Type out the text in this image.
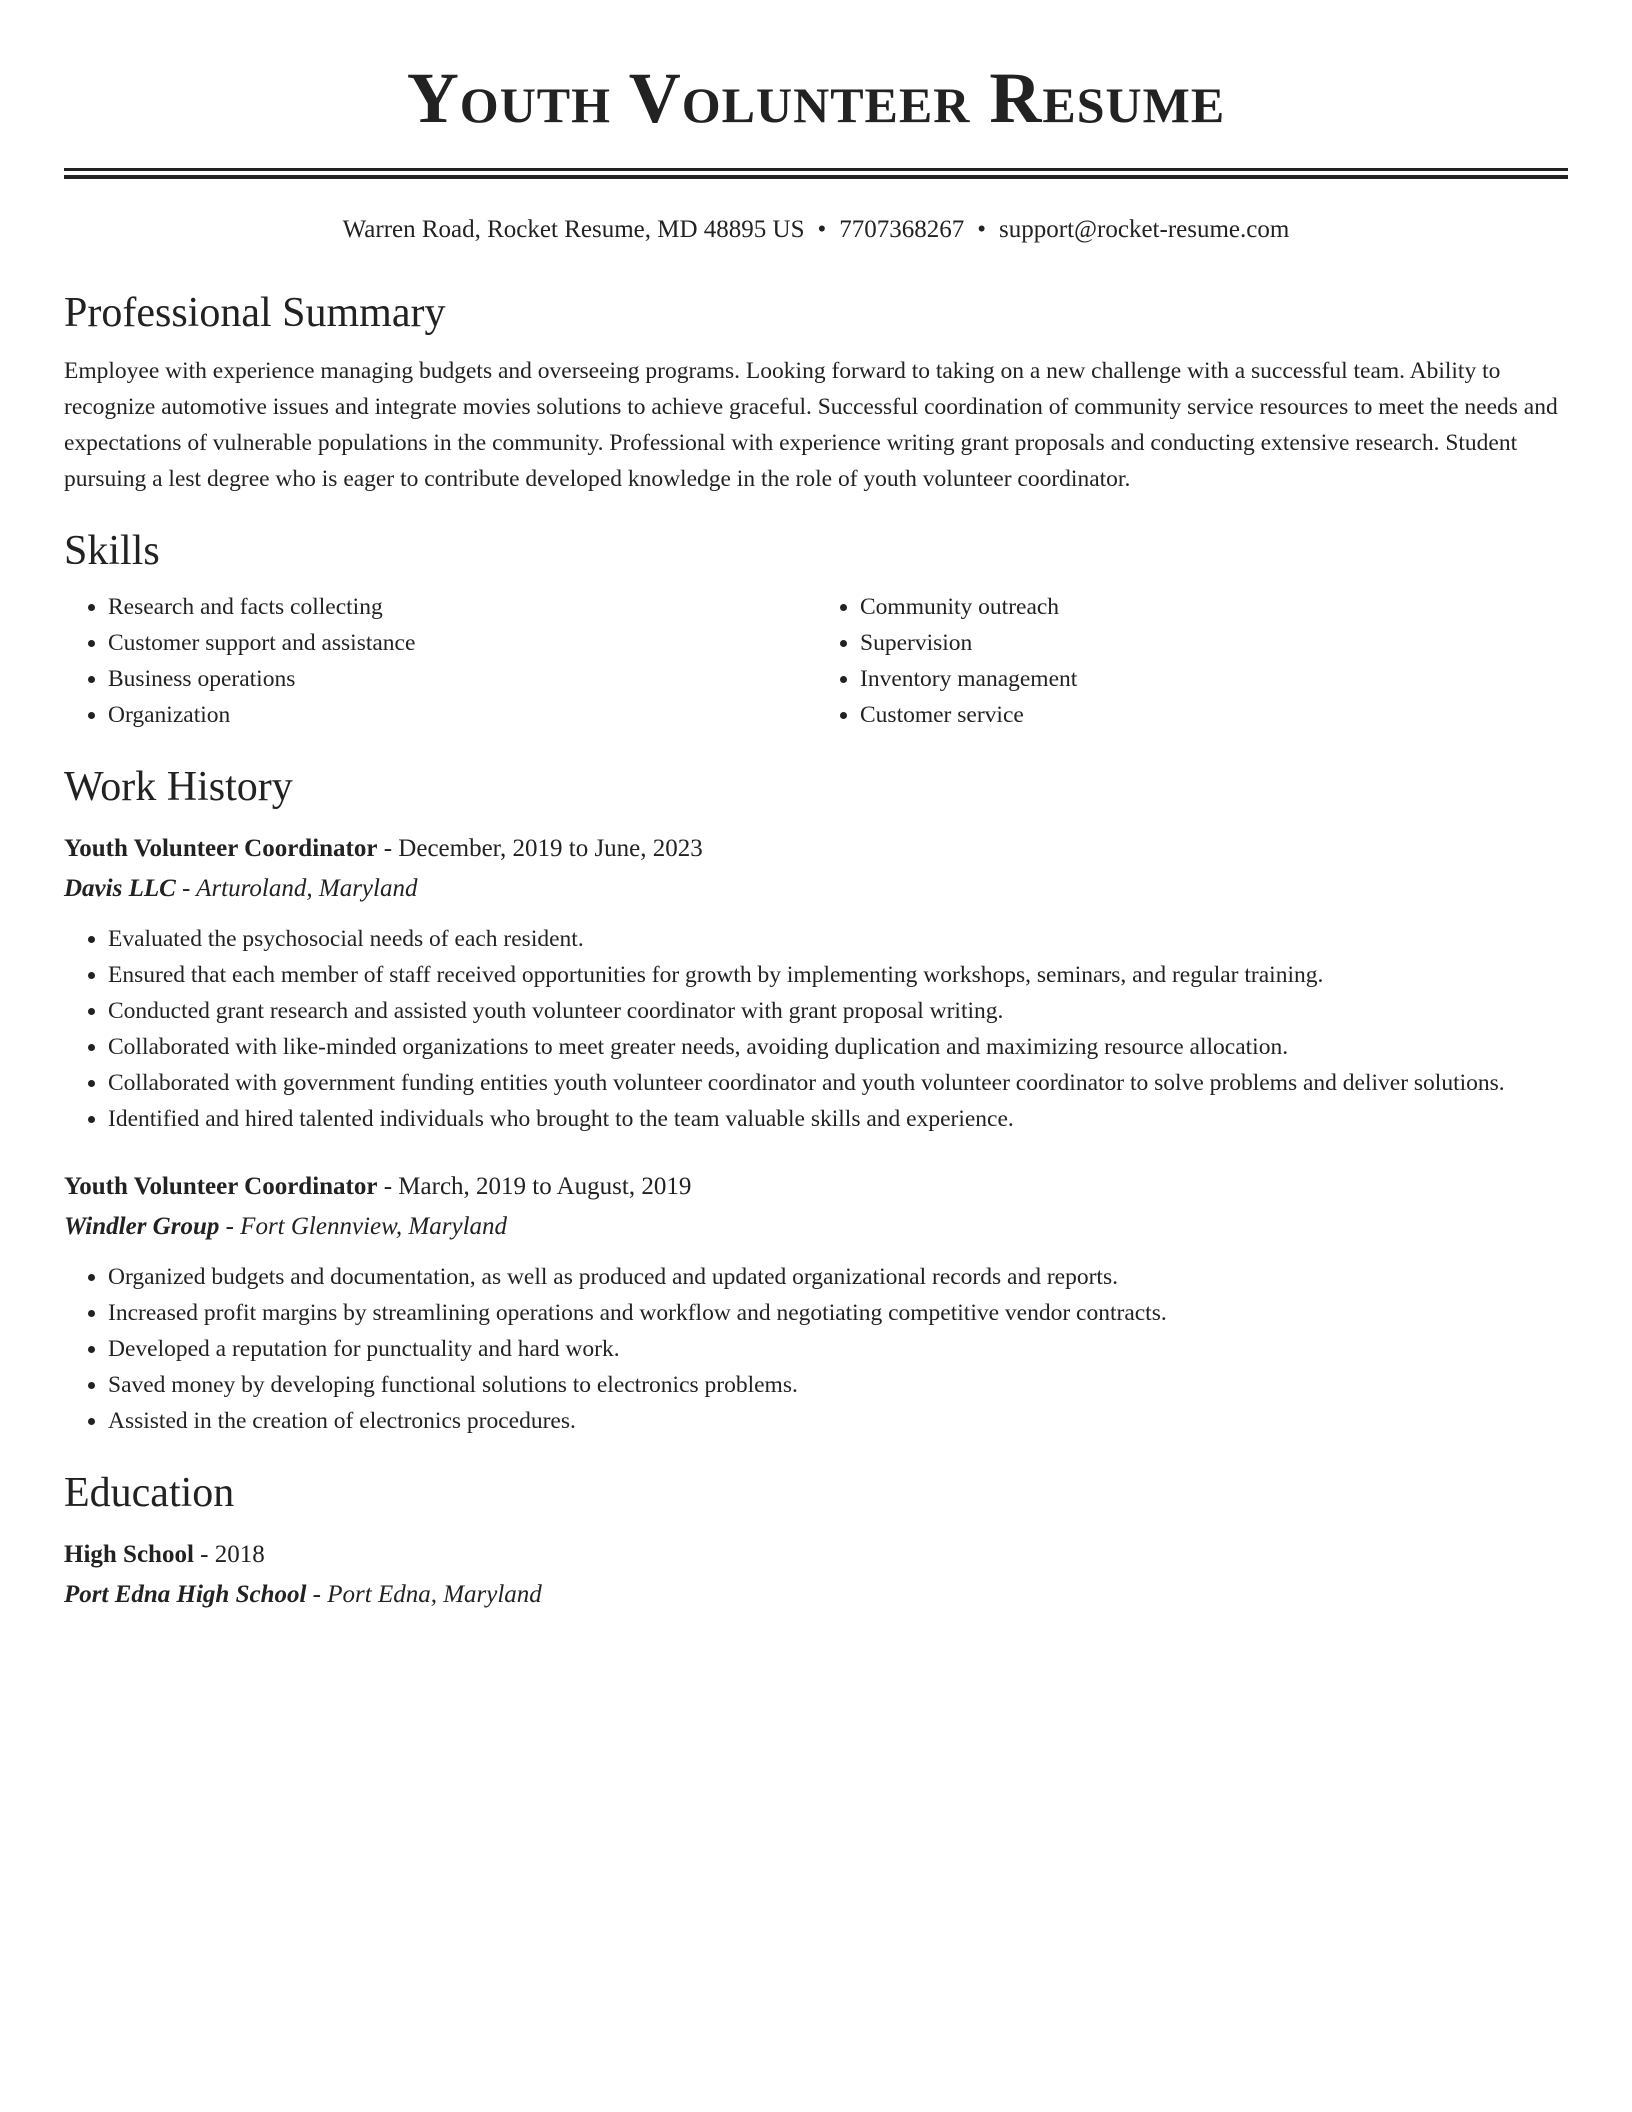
Youth Volunteer Resume
Warren Road, Rocket Resume, MD 48895 US • 7707368267 • support@rocket-resume.com
Professional Summary
Employee with experience managing budgets and overseeing programs. Looking forward to taking on a new challenge with a successful team. Ability to recognize automotive issues and integrate movies solutions to achieve graceful. Successful coordination of community service resources to meet the needs and expectations of vulnerable populations in the community. Professional with experience writing grant proposals and conducting extensive research. Student pursuing a lest degree who is eager to contribute developed knowledge in the role of youth volunteer coordinator.
Skills
• Research and facts collecting
• Customer support and assistance
• Business operations
• Organization
• Community outreach
• Supervision
• Inventory management
• Customer service
Work History
Youth Volunteer Coordinator - December, 2019 to June, 2023
Davis LLC - Arturoland, Maryland
• Evaluated the psychosocial needs of each resident.
• Ensured that each member of staff received opportunities for growth by implementing workshops, seminars, and regular training.
• Conducted grant research and assisted youth volunteer coordinator with grant proposal writing.
• Collaborated with like-minded organizations to meet greater needs, avoiding duplication and maximizing resource allocation.
• Collaborated with government funding entities youth volunteer coordinator and youth volunteer coordinator to solve problems and deliver solutions.
• Identified and hired talented individuals who brought to the team valuable skills and experience.
Youth Volunteer Coordinator - March, 2019 to August, 2019
Windler Group - Fort Glennview, Maryland
• Organized budgets and documentation, as well as produced and updated organizational records and reports.
• Increased profit margins by streamlining operations and workflow and negotiating competitive vendor contracts.
• Developed a reputation for punctuality and hard work.
• Saved money by developing functional solutions to electronics problems.
• Assisted in the creation of electronics procedures.
Education
High School - 2018
Port Edna High School - Port Edna, Maryland
